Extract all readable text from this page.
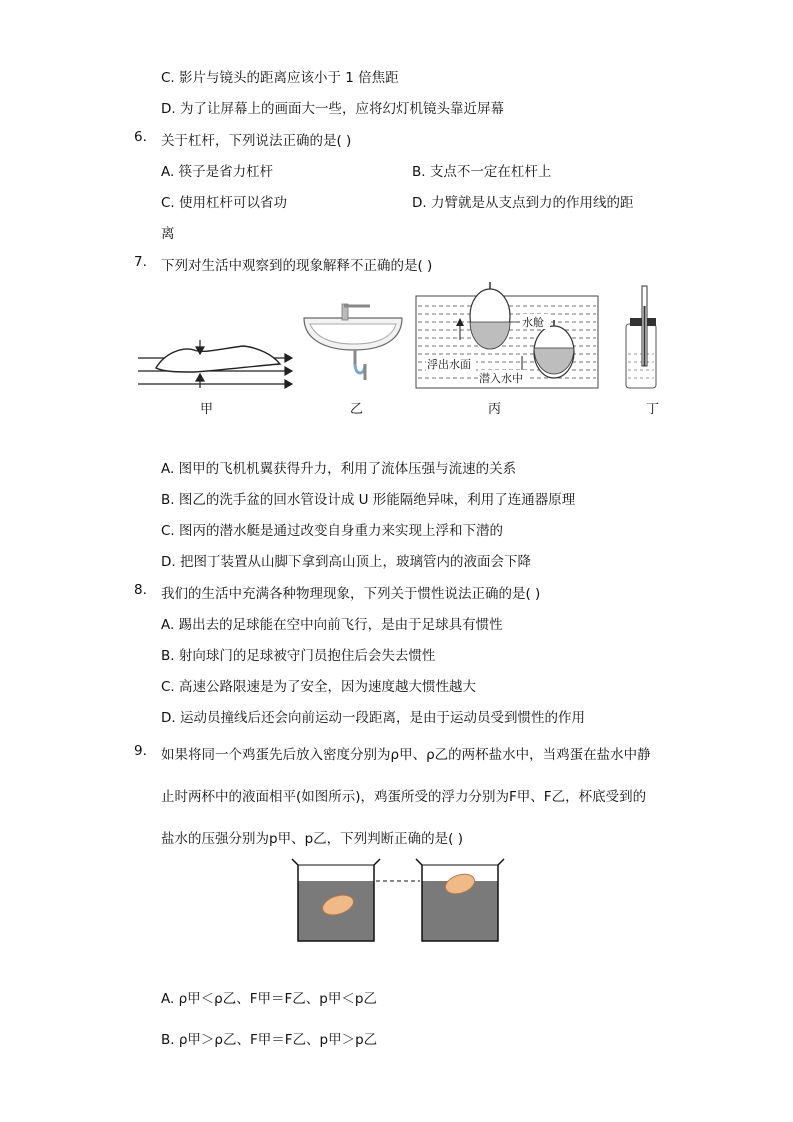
C. 影片与镜头的距离应该小于 1 倍焦距
D. 为了让屏幕上的画面大一些，应将幻灯机镜头靠近屏幕
6. 关于杠杆，下列说法正确的是( )
A. 筷子是省力杠杆	B. 支点不一定在杠杆上
C. 使用杠杆可以省功	D. 力臂就是从支点到力的作用线的距
离
7. 下列对生活中观察到的现象解释不正确的是( )
水舱
浮出水面
潜入水中
甲	乙	丙	丁
A. 图甲的飞机机翼获得升力，利用了流体压强与流速的关系
B. 图乙的洗手盆的回水管设计成 U 形能隔绝异味，利用了连通器原理
C. 图丙的潜水艇是通过改变自身重力来实现上浮和下潜的
D. 把图丁装置从山脚下拿到高山顶上，玻璃管内的液面会下降
8. 我们的生活中充满各种物理现象，下列关于惯性说法正确的是( )
A. 踢出去的足球能在空中向前飞行，是由于足球具有惯性
B. 射向球门的足球被守门员抱住后会失去惯性
C. 高速公路限速是为了安全，因为速度越大惯性越大
D. 运动员撞线后还会向前运动一段距离，是由于运动员受到惯性的作用
9. 如果将同一个鸡蛋先后放入密度分别为ρ甲、ρ乙的两杯盐水中，当鸡蛋在盐水中静
止时两杯中的液面相平(如图所示)，鸡蛋所受的浮力分别为F甲、F乙，杯底受到的
盐水的压强分别为p甲、p乙，下列判断正确的是( )
A. ρ甲＜ρ乙、F甲＝F乙、p甲＜p乙
B. ρ甲＞ρ乙、F甲＝F乙、p甲＞p乙
